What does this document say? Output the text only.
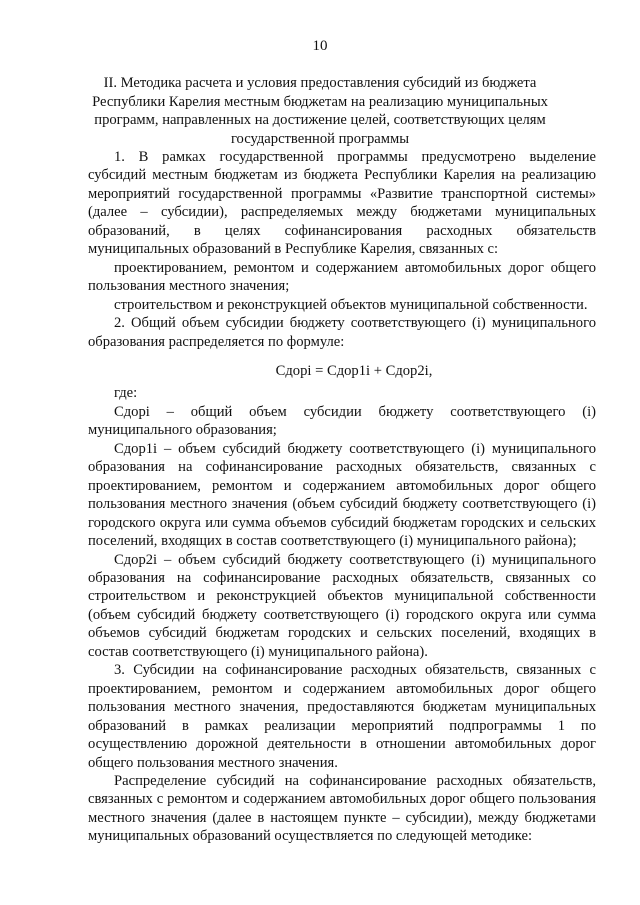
10
II. Методика расчета и условия предоставления субсидий из бюджета
Республики Карелия местным бюджетам на реализацию муниципальных
программ, направленных на достижение целей, соответствующих целям
государственной программы

1. В рамках государственной программы предусмотрено выделение субсидий местным бюджетам из бюджета Республики Карелия на реализацию мероприятий государственной программы «Развитие транспортной системы» (далее – субсидии), распределяемых между бюджетами муниципальных образований, в целях софинансирования расходных обязательств муниципальных образований в Республике Карелия, связанных с:

проектированием, ремонтом и содержанием автомобильных дорог общего пользования местного значения;

строительством и реконструкцией объектов муниципальной собственности.

2. Общий объем субсидии бюджету соответствующего (i) муниципального образования распределяется по формуле:

Сдорi = Сдор1i + Сдор2i,

где:

Сдорi – общий объем субсидии бюджету соответствующего (i) муниципального образования;

Сдор1i – объем субсидий бюджету соответствующего (i) муниципального образования на софинансирование расходных обязательств, связанных с проектированием, ремонтом и содержанием автомобильных дорог общего пользования местного значения (объем субсидий бюджету соответствующего (i) городского округа или сумма объемов субсидий бюджетам городских и сельских поселений, входящих в состав соответствующего (i) муниципального района);

Сдор2i – объем субсидий бюджету соответствующего (i) муниципального образования на софинансирование расходных обязательств, связанных со строительством и реконструкцией объектов муниципальной собственности (объем субсидий бюджету соответствующего (i) городского округа или сумма объемов субсидий бюджетам городских и сельских поселений, входящих в состав соответствующего (i) муниципального района).

3. Субсидии на софинансирование расходных обязательств, связанных с проектированием, ремонтом и содержанием автомобильных дорог общего пользования местного значения, предоставляются бюджетам муниципальных образований в рамках реализации мероприятий подпрограммы 1 по осуществлению дорожной деятельности в отношении автомобильных дорог общего пользования местного значения.

Распределение субсидий на софинансирование расходных обязательств, связанных с ремонтом и содержанием автомобильных дорог общего пользования местного значения (далее в настоящем пункте – субсидии), между бюджетами муниципальных образований осуществляется по следующей методике:
